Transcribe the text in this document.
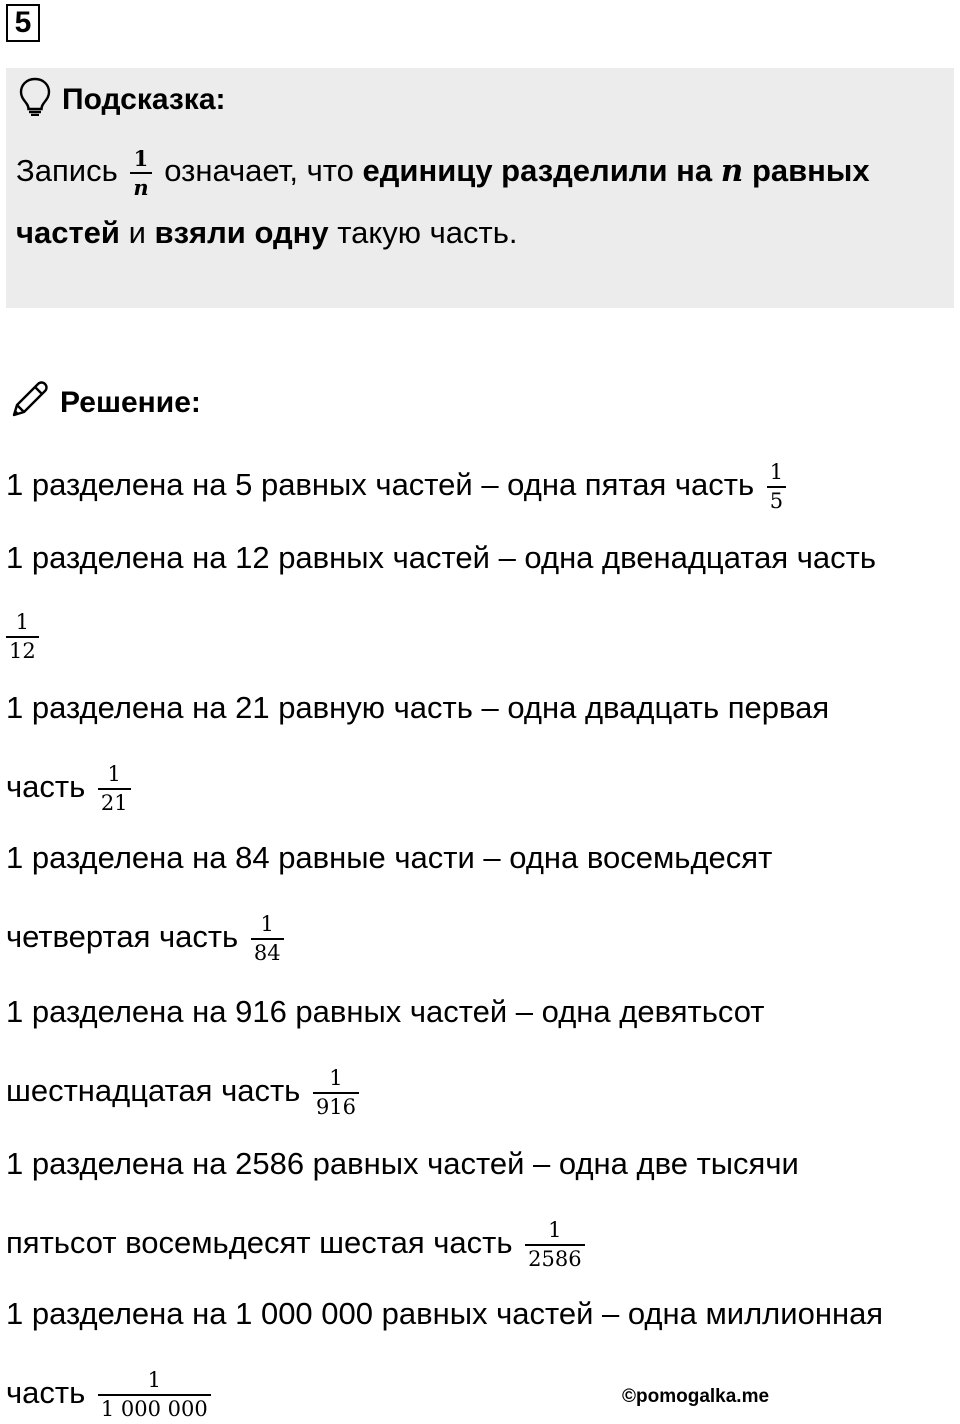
5
Подсказка:
Запись $\frac{1}{n}$ означает, что единицу разделили на n равных
частей и взяли одну такую часть.
Решение:
1 разделена на 5 равных частей – одна пятая часть $\frac{1}{5}$
1 разделена на 12 равных частей – одна двенадцатая часть
$\frac{1}{12}$
1 разделена на 21 равную часть – одна двадцать первая
часть $\frac{1}{21}$
1 разделена на 84 равные части – одна восемьдесят
четвертая часть $\frac{1}{84}$
1 разделена на 916 равных частей – одна девятьсот
шестнадцатая часть $\frac{1}{916}$
1 разделена на 2586 равных частей – одна две тысячи
пятьсот восемьдесят шестая часть $\frac{1}{2586}$
1 разделена на 1 000 000 равных частей – одна миллионная
часть $\frac{1}{1 000 000}$	©pomogalka.me
